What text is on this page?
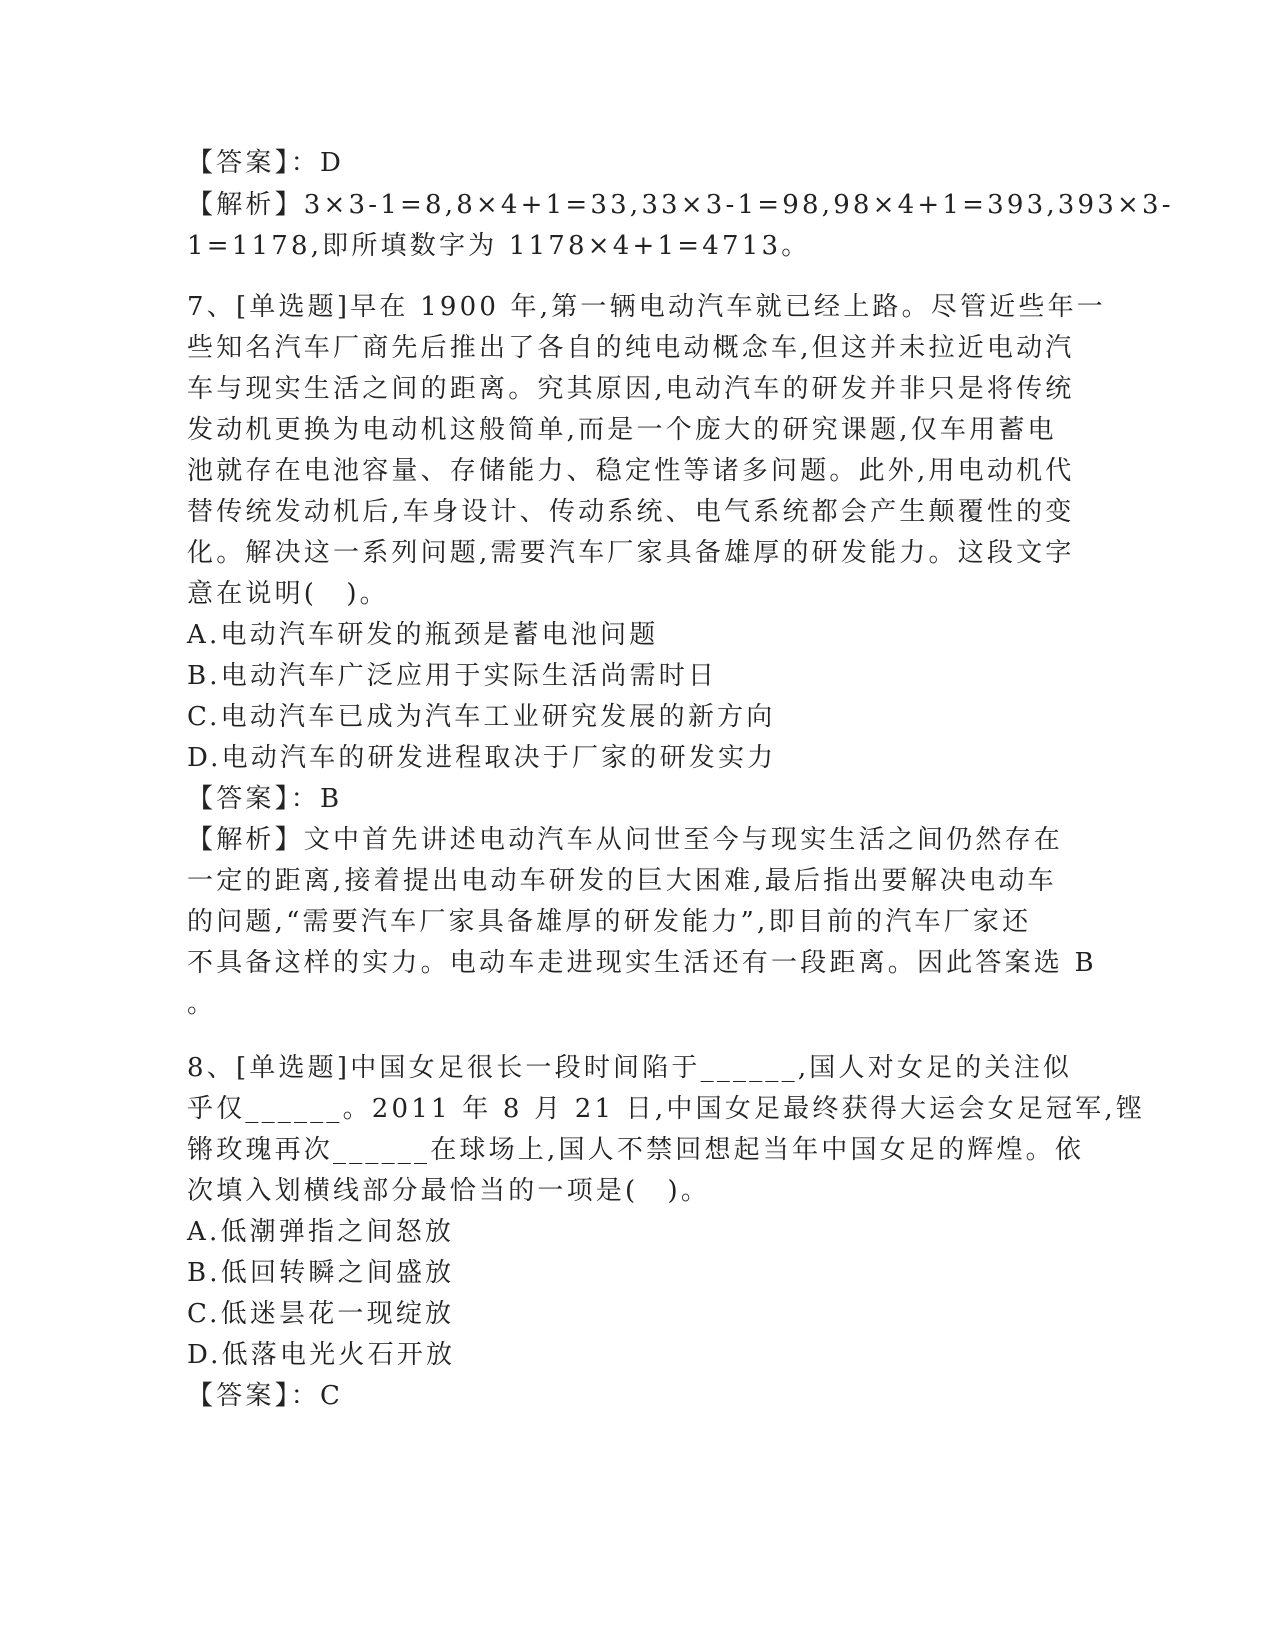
【答案】：D
【解析】3×3-1=8,8×4+1=33,33×3-1=98,98×4+1=393,393×3-
1=1178,即所填数字为 1178×4+1=4713。
7、[单选题]早在 1900 年,第一辆电动汽车就已经上路。尽管近些年一
些知名汽车厂商先后推出了各自的纯电动概念车,但这并未拉近电动汽
车与现实生活之间的距离。究其原因,电动汽车的研发并非只是将传统
发动机更换为电动机这般简单,而是一个庞大的研究课题,仅车用蓄电
池就存在电池容量、存储能力、稳定性等诸多问题。此外,用电动机代
替传统发动机后,车身设计、传动系统、电气系统都会产生颠覆性的变
化。解决这一系列问题,需要汽车厂家具备雄厚的研发能力。这段文字
意在说明(　)。
A.电动汽车研发的瓶颈是蓄电池问题
B.电动汽车广泛应用于实际生活尚需时日
C.电动汽车已成为汽车工业研究发展的新方向
D.电动汽车的研发进程取决于厂家的研发实力
【答案】：B
【解析】文中首先讲述电动汽车从问世至今与现实生活之间仍然存在
一定的距离,接着提出电动车研发的巨大困难,最后指出要解决电动车
的问题,“需要汽车厂家具备雄厚的研发能力”,即目前的汽车厂家还
不具备这样的实力。电动车走进现实生活还有一段距离。因此答案选 B
。
8、[单选题]中国女足很长一段时间陷于______,国人对女足的关注似
乎仅______。2011 年 8 月 21 日,中国女足最终获得大运会女足冠军,铿
锵玫瑰再次______在球场上,国人不禁回想起当年中国女足的辉煌。依
次填入划横线部分最恰当的一项是(　)。
A.低潮弹指之间怒放
B.低回转瞬之间盛放
C.低迷昙花一现绽放
D.低落电光火石开放
【答案】：C
